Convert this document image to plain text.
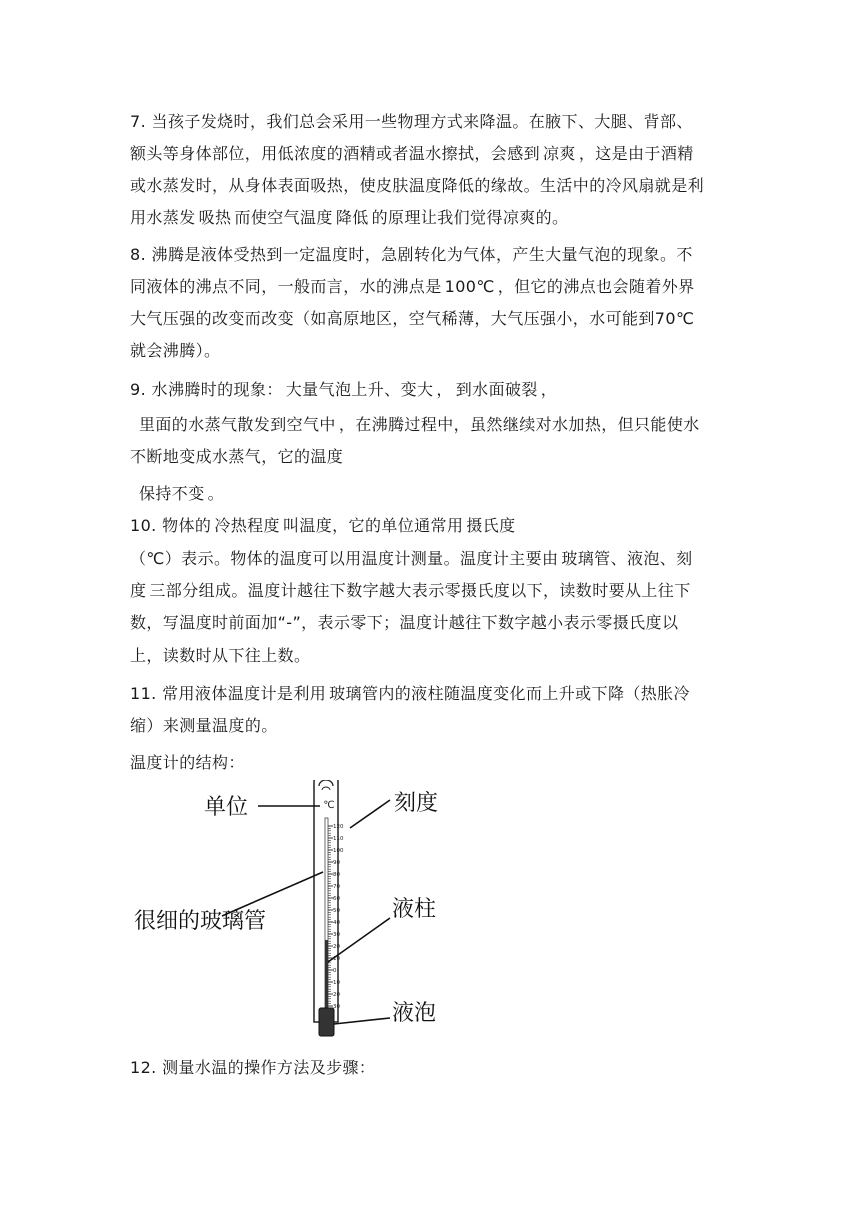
7. 当孩子发烧时，我们总会采用一些物理方式来降温。在腋下、大腿、背部、
额头等身体部位，用低浓度的酒精或者温水擦拭，会感到 凉爽 ，这是由于酒精
或水蒸发时，从身体表面吸热，使皮肤温度降低的缘故。生活中的冷风扇就是利
用水蒸发 吸热 而使空气温度 降低 的原理让我们觉得凉爽的。
8. 沸腾是液体受热到一定温度时，急剧转化为气体，产生大量气泡的现象。不
同液体的沸点不同，一般而言，水的沸点是 100℃ ，但它的沸点也会随着外界
大气压强的改变而改变（如高原地区，空气稀薄，大气压强小，水可能到70℃
就会沸腾）。
9. 水沸腾时的现象： 大量气泡上升、变大 ， 到水面破裂 ，
里面的水蒸气散发到空气中 ，在沸腾过程中，虽然继续对水加热，但只能使水
不断地变成水蒸气，它的温度
保持不变 。
10. 物体的 冷热程度 叫温度，它的单位通常用 摄氏度
（℃）表示。物体的温度可以用温度计测量。温度计主要由 玻璃管、液泡、刻
度 三部分组成。温度计越往下数字越大表示零摄氏度以下，读数时要从上往下
数，写温度时前面加“-”，表示零下；温度计越往下数字越小表示零摄氏度以
上，读数时从下往上数。
11. 常用液体温度计是利用 玻璃管内的液柱随温度变化而上升或下降（热胀冷
缩）来测量温度的。
温度计的结构：
℃
120
110
100
90
80
70
60
50
40
30
20
10
0
10
20
30
单位	刻度
很细的玻璃管	液柱
液泡
12. 测量水温的操作方法及步骤：
